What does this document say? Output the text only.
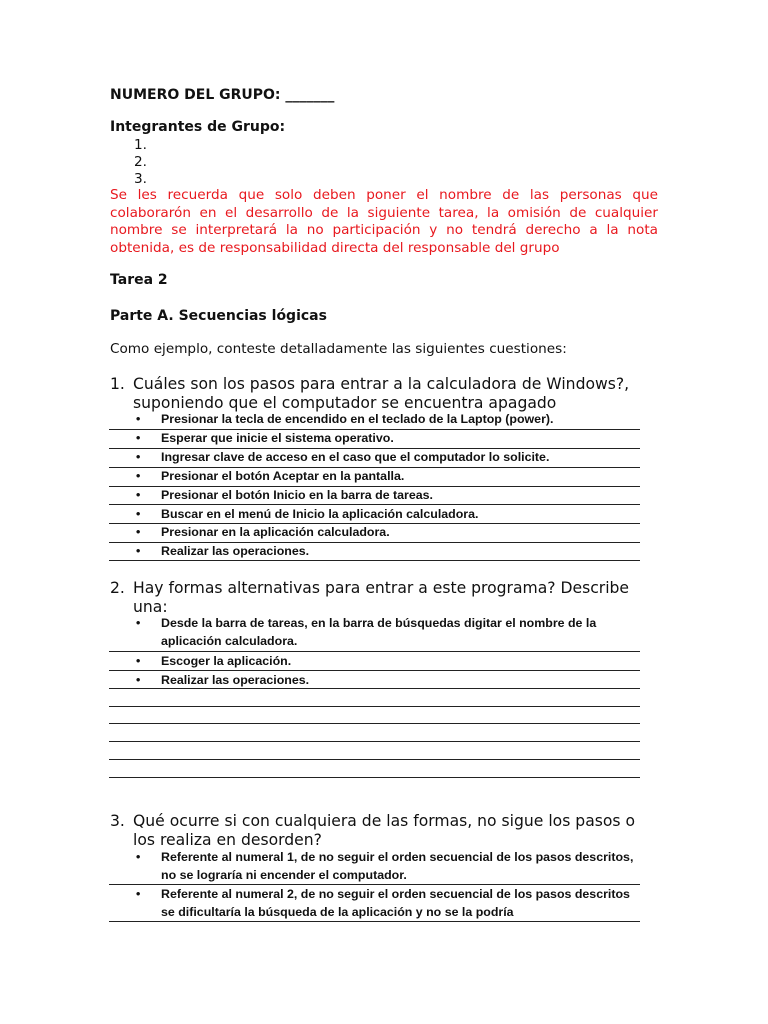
NUMERO DEL GRUPO: _______
Integrantes de Grupo:
1.
2.
3.
Se les recuerda que solo deben poner el nombre de las personas que colaborarón en el desarrollo de la siguiente tarea, la omisión de cualquier nombre se interpretará la no participación y no tendrá derecho a la nota obtenida, es de responsabilidad directa del responsable del grupo
Tarea 2
Parte A. Secuencias lógicas
Como ejemplo, conteste detalladamente las siguientes cuestiones:
1. Cuáles son los pasos para entrar a la calculadora de Windows?, suponiendo que el computador se encuentra apagado
•	Presionar la tecla de encendido en el teclado de la Laptop (power).
•	Esperar que inicie el sistema operativo.
•	Ingresar clave de acceso en el caso que el computador lo solicite.
•	Presionar el botón Aceptar en la pantalla.
•	Presionar el botón Inicio en la barra de tareas.
•	Buscar en el menú de Inicio la aplicación calculadora.
•	Presionar en la aplicación calculadora.
•	Realizar las operaciones.
2. Hay formas alternativas para entrar a este programa? Describe una:
•	Desde la barra de tareas, en la barra de búsquedas digitar el nombre de la aplicación calculadora.
•	Escoger la aplicación.
•	Realizar las operaciones.
3. Qué ocurre si con cualquiera de las formas, no sigue los pasos o los realiza en desorden?
•	Referente al numeral 1, de no seguir el orden secuencial de los pasos descritos, no se lograría ni encender el computador.
•	Referente al numeral 2, de no seguir el orden secuencial de los pasos descritos se dificultaría la búsqueda de la aplicación y no se la podría
